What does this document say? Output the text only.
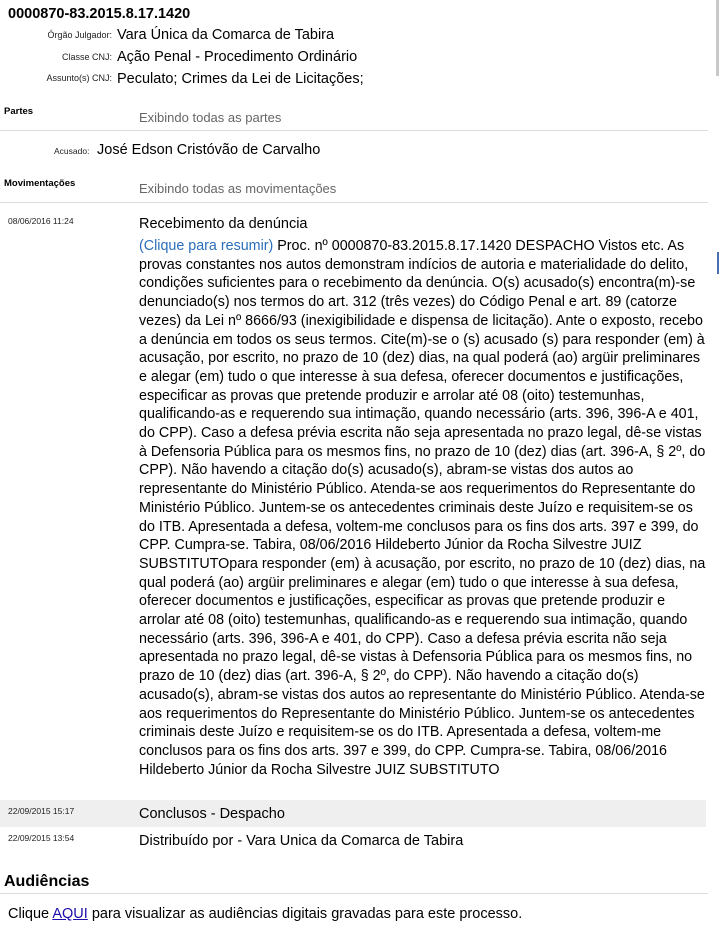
0000870-83.2015.8.17.1420
Órgão Julgador: Vara Única da Comarca de Tabira
Classe CNJ: Ação Penal - Procedimento Ordinário
Assunto(s) CNJ: Peculato; Crimes da Lei de Licitações;
Partes	Exibindo todas as partes
Acusado: José Edson Cristóvão de Carvalho
Movimentações	Exibindo todas as movimentações
08/06/2016 11:24	Recebimento da denúncia

(Clique para resumir) Proc. nº 0000870-83.2015.8.17.1420 DESPACHO Vistos etc. As provas constantes nos autos demonstram indícios de autoria e materialidade do delito, condições suficientes para o recebimento da denúncia. O(s) acusado(s) encontra(m)-se denunciado(s) nos termos do art. 312 (três vezes) do Código Penal e art. 89 (catorze vezes) da Lei nº 8666/93 (inexigibilidade e dispensa de licitação). Ante o exposto, recebo a denúncia em todos os seus termos. Cite(m)-se o (s) acusado (s) para responder (em) à acusação, por escrito, no prazo de 10 (dez) dias, na qual poderá (ao) argüir preliminares e alegar (em) tudo o que interesse à sua defesa, oferecer documentos e justificações, especificar as provas que pretende produzir e arrolar até 08 (oito) testemunhas, qualificando-as e requerendo sua intimação, quando necessário (arts. 396, 396-A e 401, do CPP). Caso a defesa prévia escrita não seja apresentada no prazo legal, dê-se vistas à Defensoria Pública para os mesmos fins, no prazo de 10 (dez) dias (art. 396-A, § 2º, do CPP). Não havendo a citação do(s) acusado(s), abram-se vistas dos autos ao representante do Ministério Público. Atenda-se aos requerimentos do Representante do Ministério Público. Juntem-se os antecedentes criminais deste Juízo e requisitem-se os do ITB. Apresentada a defesa, voltem-me conclusos para os fins dos arts. 397 e 399, do CPP. Cumpra-se. Tabira, 08/06/2016 Hildeberto Júnior da Rocha Silvestre JUIZ SUBSTITUTOpara responder (em) à acusação, por escrito, no prazo de 10 (dez) dias, na qual poderá (ao) argüir preliminares e alegar (em) tudo o que interesse à sua defesa, oferecer documentos e justificações, especificar as provas que pretende produzir e arrolar até 08 (oito) testemunhas, qualificando-as e requerendo sua intimação, quando necessário (arts. 396, 396-A e 401, do CPP). Caso a defesa prévia escrita não seja apresentada no prazo legal, dê-se vistas à Defensoria Pública para os mesmos fins, no prazo de 10 (dez) dias (art. 396-A, § 2º, do CPP). Não havendo a citação do(s) acusado(s), abram-se vistas dos autos ao representante do Ministério Público. Atenda-se aos requerimentos do Representante do Ministério Público. Juntem-se os antecedentes criminais deste Juízo e requisitem-se os do ITB. Apresentada a defesa, voltem-me conclusos para os fins dos arts. 397 e 399, do CPP. Cumpra-se. Tabira, 08/06/2016 Hildeberto Júnior da Rocha Silvestre JUIZ SUBSTITUTO

22/09/2015 15:17	Conclusos - Despacho
22/09/2015 13:54	Distribuído por - Vara Unica da Comarca de Tabira
Audiências
Clique AQUI para visualizar as audiências digitais gravadas para este processo.
